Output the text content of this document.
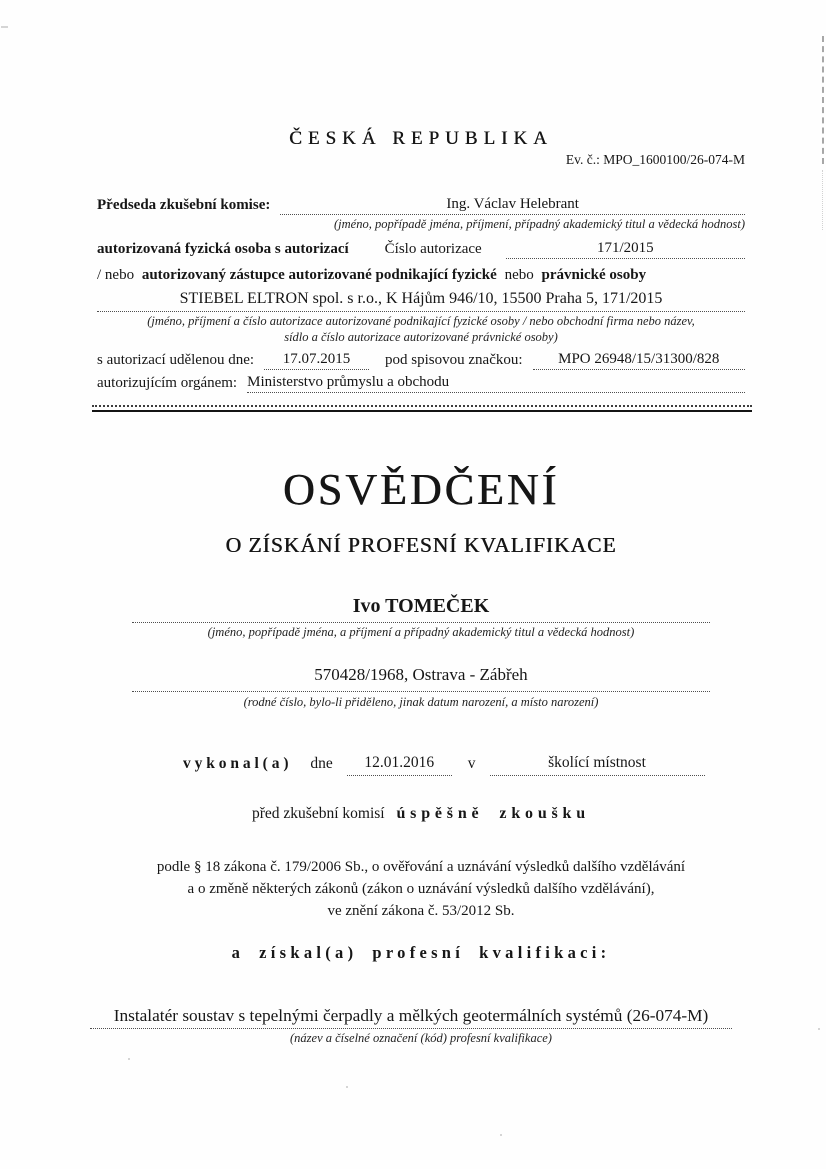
ČESKÁ REPUBLIKA
Ev. č.: MPO_1600100/26-074-M
Předseda zkušební komise:	Ing. Václav Helebrant
(jméno, popřípadě jména, příjmení, případný akademický titul a vědecká hodnost)
autorizovaná fyzická osoba s autorizací Číslo autorizace	171/2015
/ nebo autorizovaný zástupce autorizované podnikající fyzické nebo právnické osoby
STIEBEL ELTRON spol. s r.o., K Hájům 946/10, 15500 Praha 5, 171/2015
(jméno, příjmení a číslo autorizace autorizované podnikající fyzické osoby / nebo obchodní firma nebo název,
sídlo a číslo autorizace autorizované právnické osoby)
s autorizací udělenou dne:	17.07.2015	pod spisovou značkou:	MPO 26948/15/31300/828
autorizujícím orgánem: Ministerstvo průmyslu a obchodu
OSVĚDČENÍ
O ZÍSKÁNÍ PROFESNÍ KVALIFIKACE
Ivo TOMEČEK
(jméno, popřípadě jména, a příjmení a případný akademický titul a vědecká hodnost)
570428/1968, Ostrava - Zábřeh
(rodné číslo, bylo-li přiděleno, jinak datum narození, a místo narození)
vykonal(a) dne	12.01.2016	v	školící místnost
před zkušební komisí úspěšně zkoušku
podle § 18 zákona č. 179/2006 Sb., o ověřování a uznávání výsledků dalšího vzdělávání
a o změně některých zákonů (zákon o uznávání výsledků dalšího vzdělávání),
ve znění zákona č. 53/2012 Sb.
a získal(a) profesní kvalifikaci:
Instalatér soustav s tepelnými čerpadly a mělkých geotermálních systémů (26-074-M)
(název a číselné označení (kód) profesní kvalifikace)
